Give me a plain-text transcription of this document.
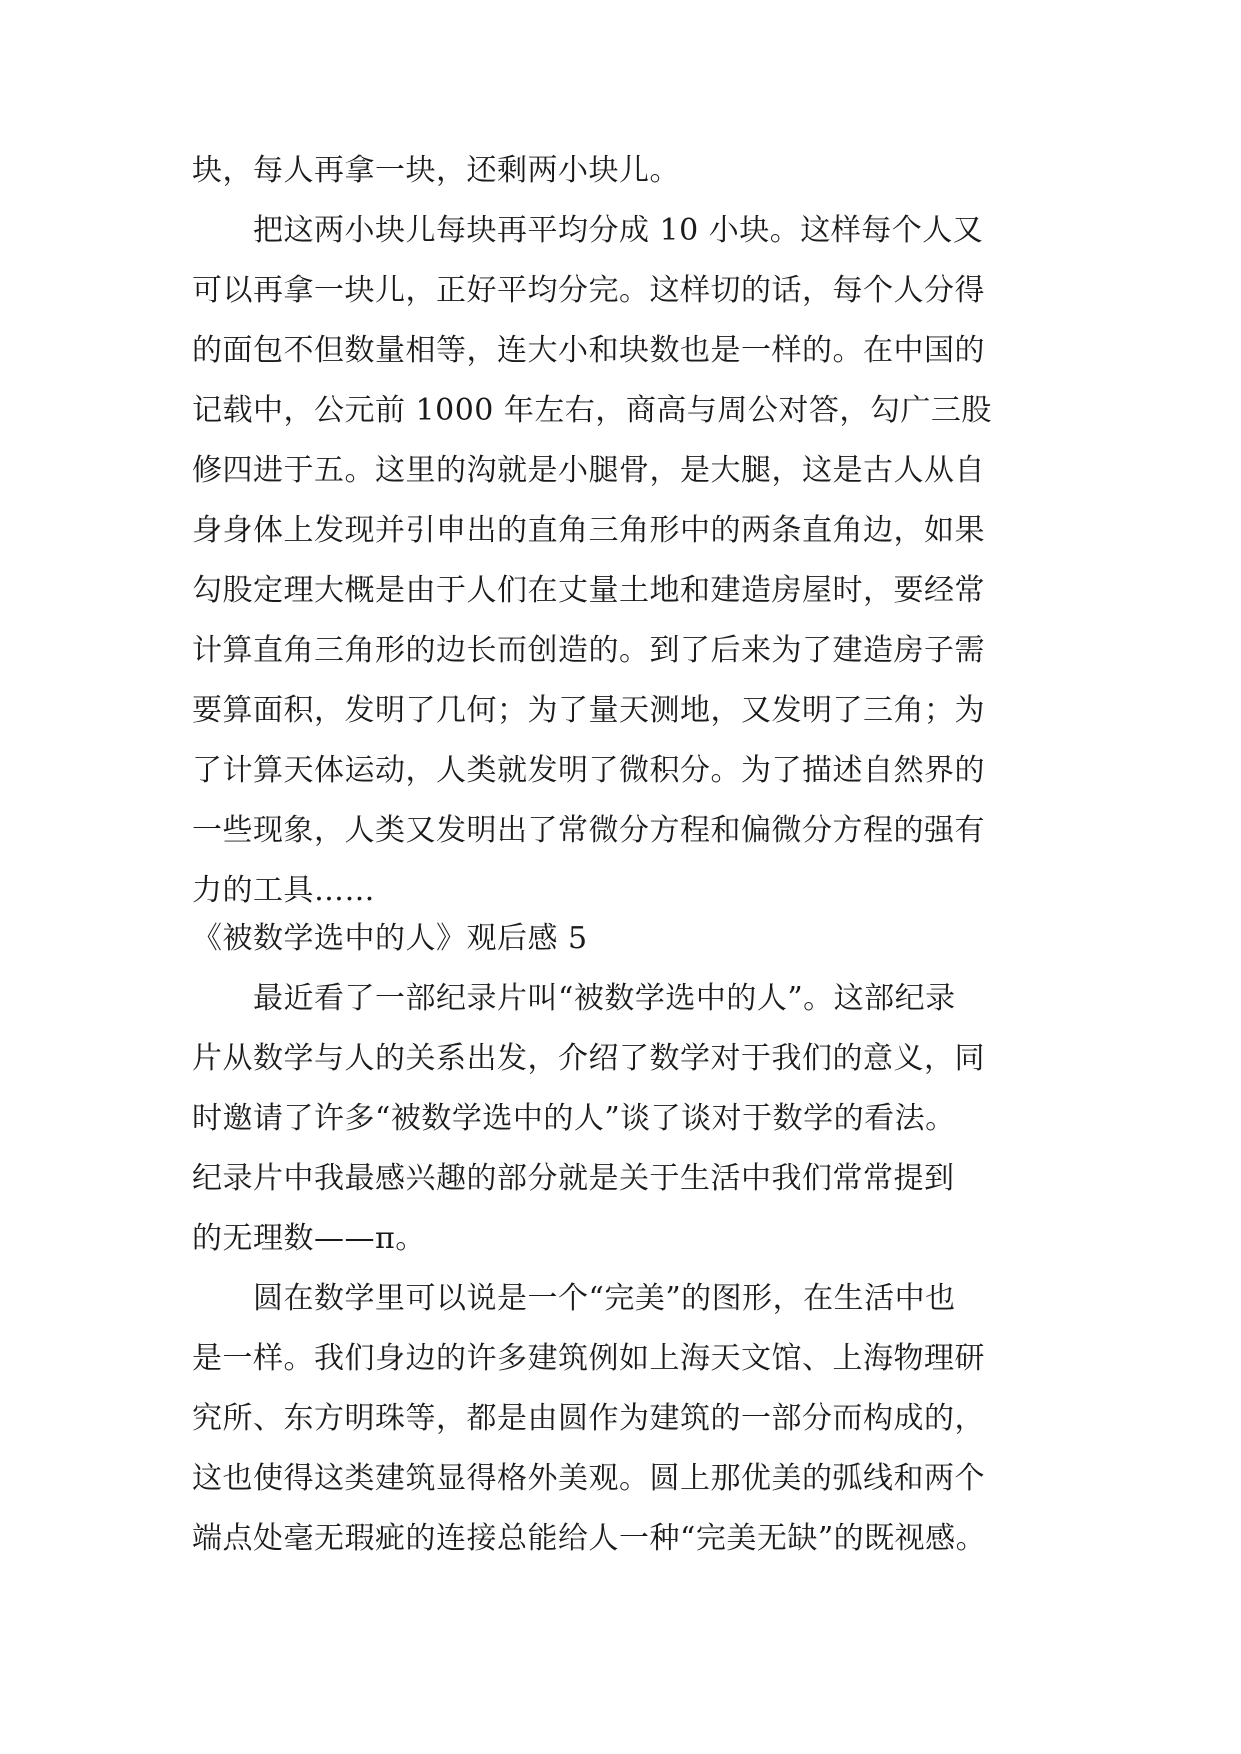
块，每人再拿一块，还剩两小块儿。
　　把这两小块儿每块再平均分成 10 小块。这样每个人又
可以再拿一块儿，正好平均分完。这样切的话，每个人分得
的面包不但数量相等，连大小和块数也是一样的。在中国的
记载中，公元前 1000 年左右，商高与周公对答，勾广三股
修四进于五。这里的沟就是小腿骨，是大腿，这是古人从自
身身体上发现并引申出的直角三角形中的两条直角边，如果
勾股定理大概是由于人们在丈量土地和建造房屋时，要经常
计算直角三角形的边长而创造的。到了后来为了建造房子需
要算面积，发明了几何；为了量天测地，又发明了三角；为
了计算天体运动，人类就发明了微积分。为了描述自然界的
一些现象，人类又发明出了常微分方程和偏微分方程的强有
力的工具……
《被数学选中的人》观后感 5
　　最近看了一部纪录片叫“被数学选中的人”。这部纪录
片从数学与人的关系出发，介绍了数学对于我们的意义，同
时邀请了许多“被数学选中的人”谈了谈对于数学的看法。
纪录片中我最感兴趣的部分就是关于生活中我们常常提到
的无理数——π。
　　圆在数学里可以说是一个“完美”的图形，在生活中也
是一样。我们身边的许多建筑例如上海天文馆、上海物理研
究所、东方明珠等，都是由圆作为建筑的一部分而构成的，
这也使得这类建筑显得格外美观。圆上那优美的弧线和两个
端点处毫无瑕疵的连接总能给人一种“完美无缺”的既视感。
